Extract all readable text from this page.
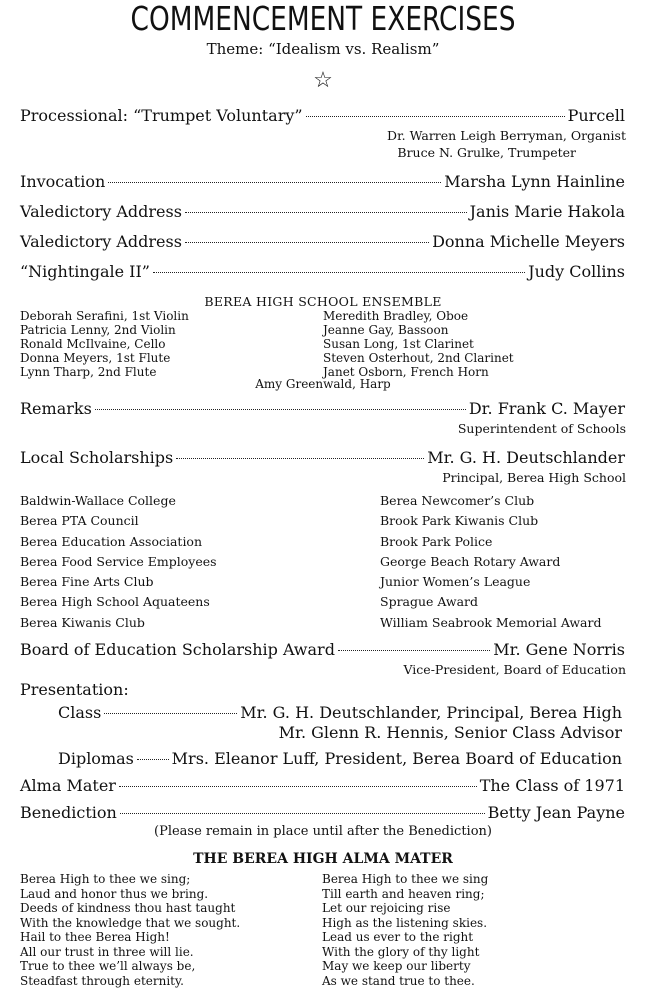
COMMENCEMENT EXERCISES
Theme: “Idealism vs. Realism”
☆
Processional: “Trumpet Voluntary”	Purcell
Dr. Warren Leigh Berryman, Organist
Bruce N. Grulke, Trumpeter
Invocation	Marsha Lynn Hainline
Valedictory Address	Janis Marie Hakola
Valedictory Address	Donna Michelle Meyers
“Nightingale II”	Judy Collins
BEREA HIGH SCHOOL ENSEMBLE
Deborah Serafini, 1st Violin
Patricia Lenny, 2nd Violin
Ronald McIlvaine, Cello
Donna Meyers, 1st Flute
Lynn Tharp, 2nd Flute
Meredith Bradley, Oboe
Jeanne Gay, Bassoon
Susan Long, 1st Clarinet
Steven Osterhout, 2nd Clarinet
Janet Osborn, French Horn
Amy Greenwald, Harp
Remarks	Dr. Frank C. Mayer
Superintendent of Schools
Local Scholarships	Mr. G. H. Deutschlander
Principal, Berea High School
Baldwin-Wallace College
Berea PTA Council
Berea Education Association
Berea Food Service Employees
Berea Fine Arts Club
Berea High School Aquateens
Berea Kiwanis Club
Berea Newcomer’s Club
Brook Park Kiwanis Club
Brook Park Police
George Beach Rotary Award
Junior Women’s League
Sprague Award
William Seabrook Memorial Award
Board of Education Scholarship Award	Mr. Gene Norris
Vice-President, Board of Education
Presentation:
Class	Mr. G. H. Deutschlander, Principal, Berea High
Mr. Glenn R. Hennis, Senior Class Advisor
Diplomas Mrs. Eleanor Luff, President, Berea Board of Education
Alma Mater	The Class of 1971
Benediction	Betty Jean Payne
(Please remain in place until after the Benediction)
THE BEREA HIGH ALMA MATER
Berea High to thee we sing;
Laud and honor thus we bring.
Deeds of kindness thou hast taught
With the knowledge that we sought.
Hail to thee Berea High!
All our trust in three will lie.
True to thee we’ll always be,
Steadfast through eternity.
Berea High to thee we sing
Till earth and heaven ring;
Let our rejoicing rise
High as the listening skies.
Lead us ever to the right
With the glory of thy light
May we keep our liberty
As we stand true to thee.
